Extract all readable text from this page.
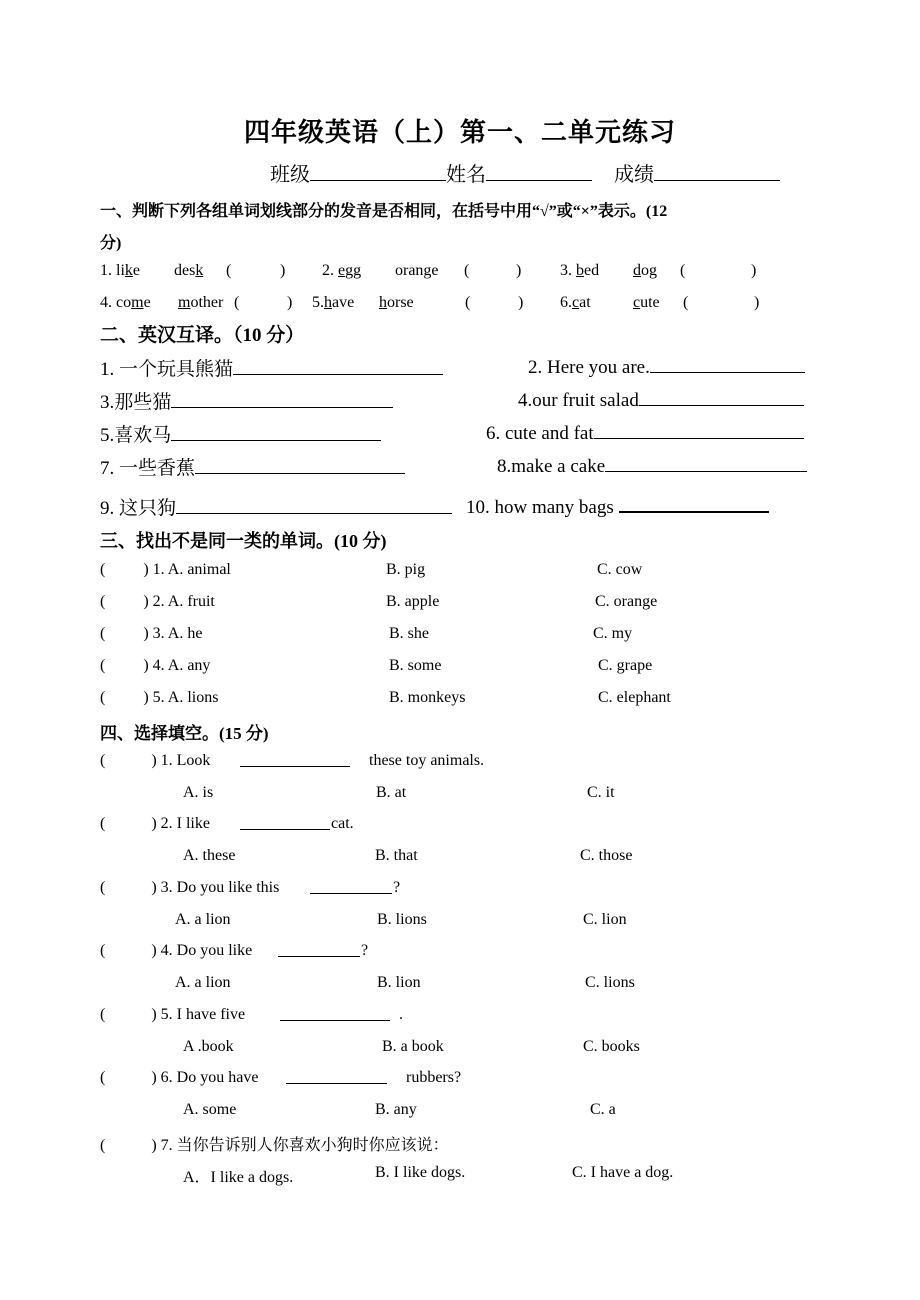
四年级英语（上）第一、二单元练习
班级	姓名	成绩
一、判断下列各组单词划线部分的发音是否相同，在括号中用“√”或“×”表示。(12
分)
1. like desk (	) 2. egg orange (	) 3. bed dog (	)
4. come mother (	) 5.have horse	(	) 6.cat	cute (	)
二、英汉互译。（10 分）
1. 一个玩具熊猫	2. Here you are.
3.那些猫	4.our fruit salad
5.喜欢马	6. cute and fat
7. 一些香蕉	8.make a cake
9. 这只狗	10. how many bags
三、找出不是同一类的单词。(10 分)
( ) 1. A. animal	B. pig	C. cow
( ) 2. A. fruit	B. apple	C. orange
( ) 3. A. he	B. she	C. my
( ) 4. A. any	B. some	C. grape
( ) 5. A. lions	B. monkeys	C. elephant
四、选择填空。(15 分)
(	) 1. Look	these toy animals.
A. is	B. at	C. it
(	) 2. I like	cat.
A. these	B. that	C. those
(	) 3. Do you like this	?
A. a lion	B. lions	C. lion
(	) 4. Do you like	?
A. a lion	B. lion	C. lions
(	) 5. I have five	.
A .book	B. a book	C. books
(	) 6. Do you have	rubbers?
A. some	B. any	C. a
(	) 7. 当你告诉别人你喜欢小狗时你应该说：
A．I like a dogs.	B. I like dogs.	C. I have a dog.
